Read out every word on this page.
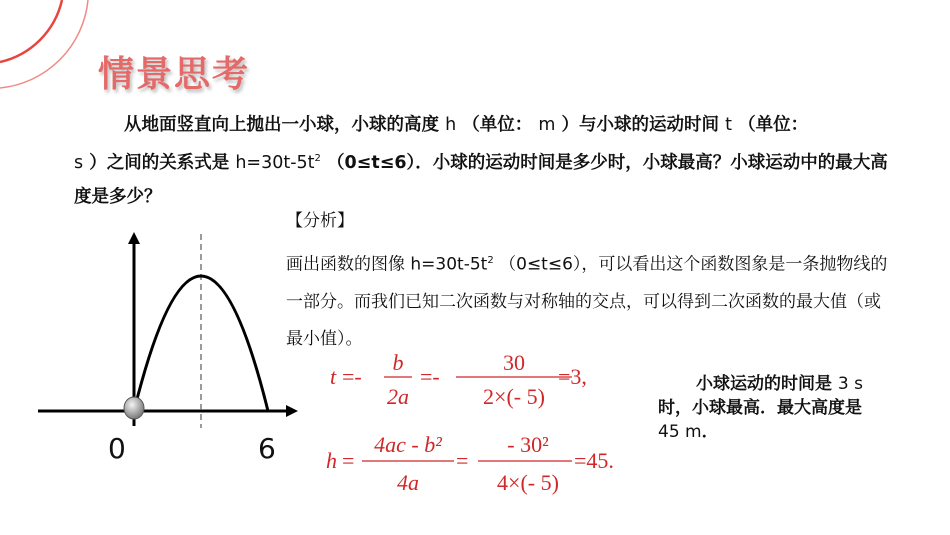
情景思考
从地面竖直向上抛出一小球，小球的高度 h （单位： m ）与小球的运动时间 t （单位：
s ）之间的关系式是 $h=30t-5t^2$ （0≤t≤6）．小球的运动时间是多少时，小球最高？小球运动中的最大高度是多少？
【分析】
画出函数的图像 $h=30t-5t^2$ （0≤t≤6），可以看出这个函数图象是一条抛物线的一部分。而我们已知二次函数与对称轴的交点，可以得到二次函数的最大值（或最小值）。
0	6
t =-
b
2a
=-
30
2×(- 5)
=3,
h =
4ac - b²
4a
=
- 30²
4×(- 5)
=45.
小球运动的时间是 3 s
时，小球最高．最大高度是
45 m．
